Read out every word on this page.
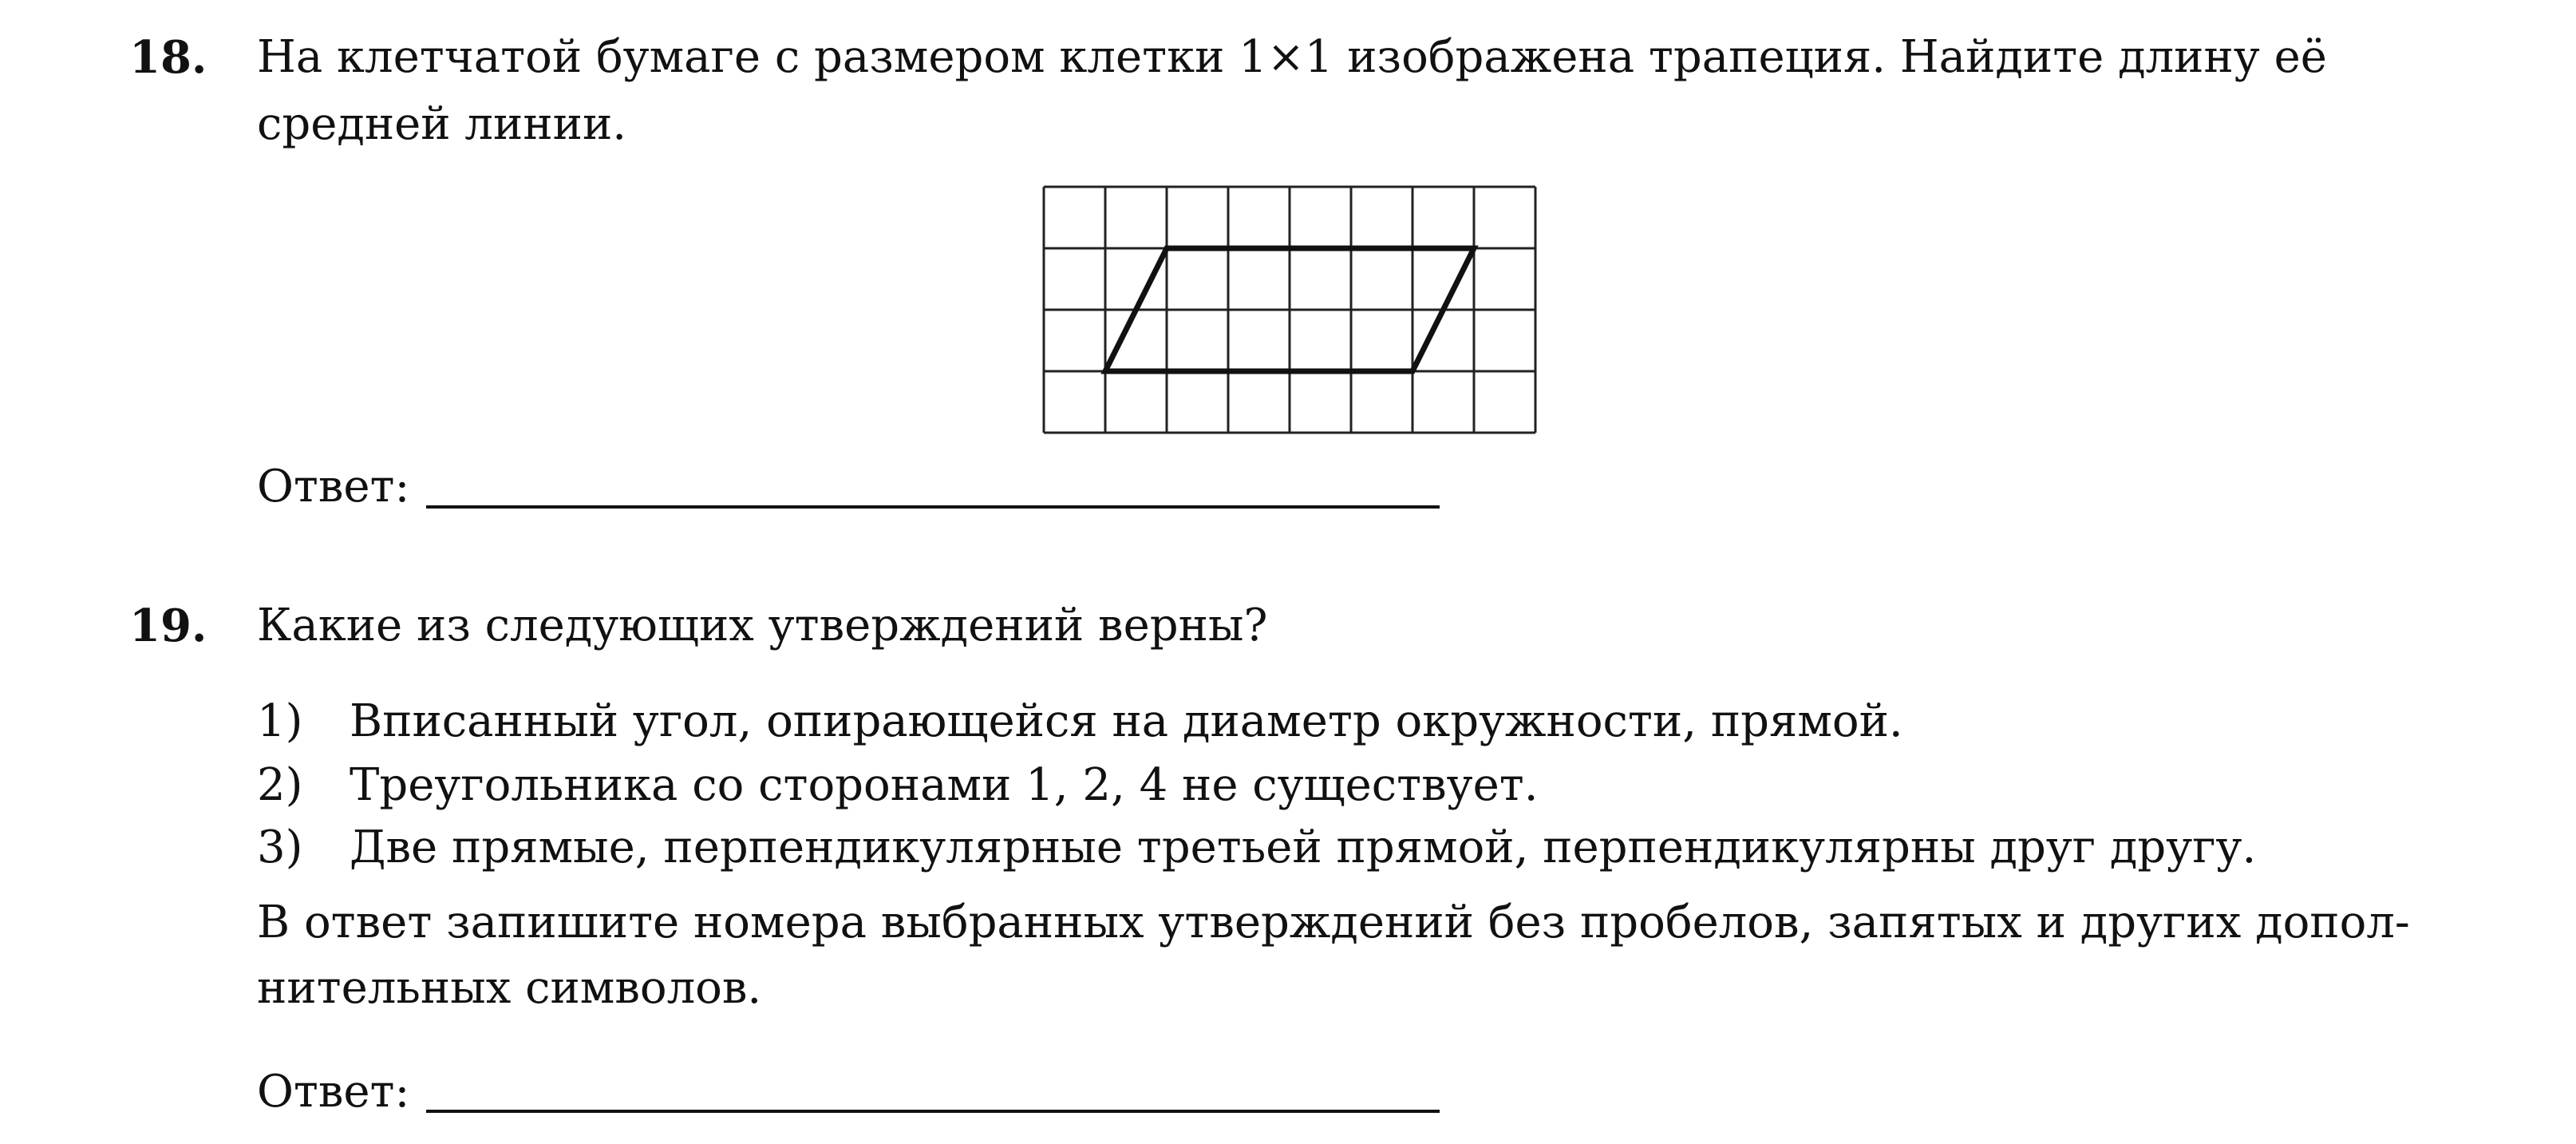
18. На клетчатой бумаге с размером клетки 1×1 изображена трапеция. Найдите длину её
средней линии.
Ответ:
19. Какие из следующих утверждений верны?
1) Вписанный угол, опирающейся на диаметр окружности, прямой.
2) Треугольника со сторонами 1, 2, 4 не существует.
3) Две прямые, перпендикулярные третьей прямой, перпендикулярны друг другу.
В ответ запишите номера выбранных утверждений без пробелов, запятых и других допол-
нительных символов.
Ответ:
